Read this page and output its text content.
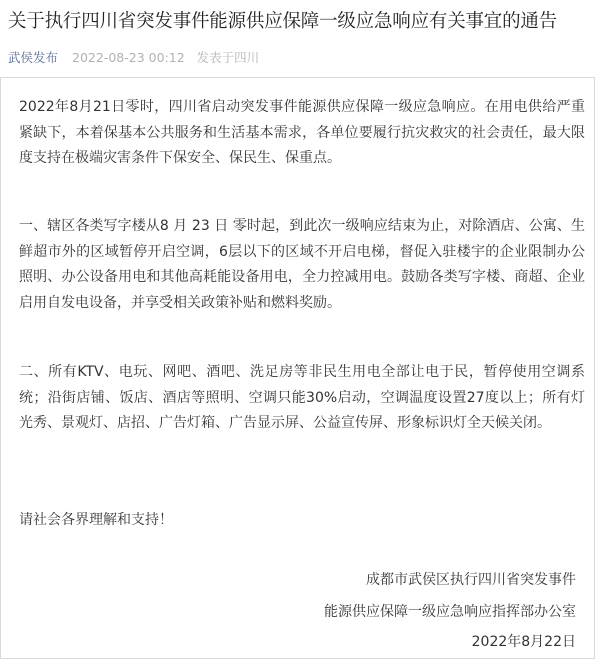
关于执行四川省突发事件能源供应保障一级应急响应有关事宜的通告
武侯发布 2022-08-23 00:12 发表于四川

2022年8月21日零时，四川省启动突发事件能源供应保障一级应急响应。在用电供给严重紧缺下，本着保基本公共服务和生活基本需求，各单位要履行抗灾救灾的社会责任，最大限度支持在极端灾害条件下保安全、保民生、保重点。

一、辖区各类写字楼从8 月 23 日 零时起，到此次一级响应结束为止，对除酒店、公寓、生鲜超市外的区域暂停开启空调，6层以下的区域不开启电梯，督促入驻楼宇的企业限制办公照明、办公设备用电和其他高耗能设备用电，全力控减用电。鼓励各类写字楼、商超、企业启用自发电设备，并享受相关政策补贴和燃料奖励。

二、所有KTV、电玩、网吧、酒吧、洗足房等非民生用电全部让电于民，暂停使用空调系统；沿街店铺、饭店、酒店等照明、空调只能30%启动，空调温度设置27度以上；所有灯光秀、景观灯、店招、广告灯箱、广告显示屏、公益宣传屏、形象标识灯全天候关闭。

请社会各界理解和支持！

成都市武侯区执行四川省突发事件
能源供应保障一级应急响应指挥部办公室
2022年8月22日
